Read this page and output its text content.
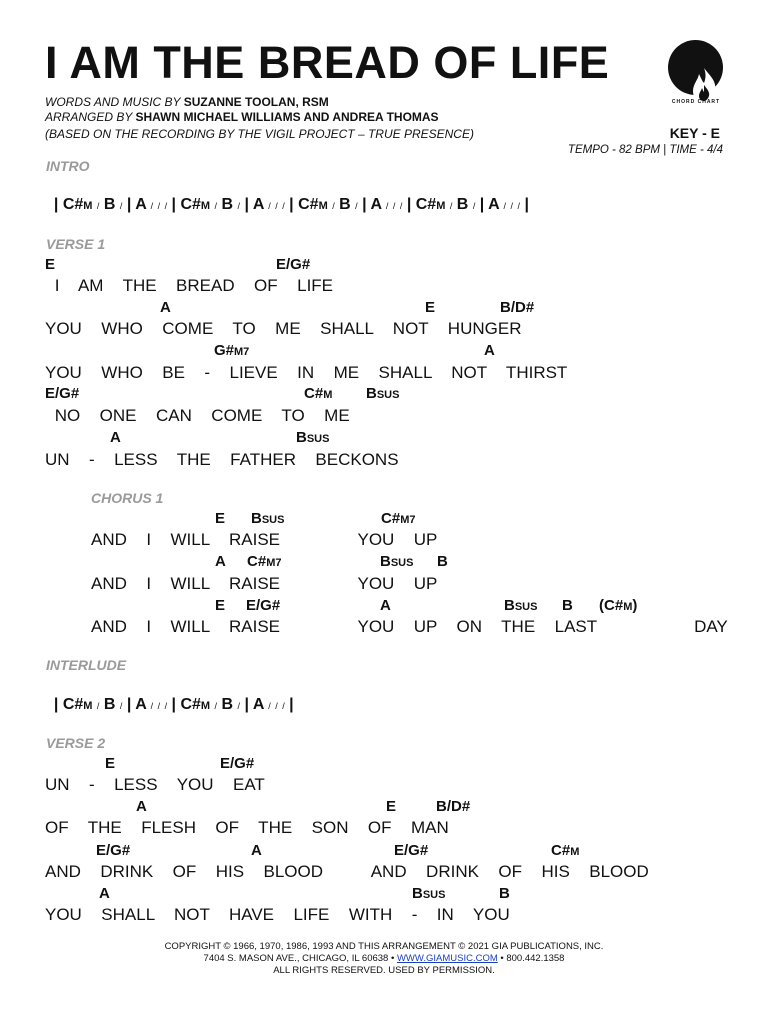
I AM THE BREAD OF LIFE
WORDS AND MUSIC BY SUZANNE TOOLAN, RSM
ARRANGED BY SHAWN MICHAEL WILLIAMS AND ANDREA THOMAS
(BASED ON THE RECORDING BY THE VIGIL PROJECT – TRUE PRESENCE)

CHORD CHART
KEY - E
TEMPO - 82 BPM | TIME - 4/4
INTRO

| C#M / B / | A / / / | C#M / B / | A / / / | C#M / B / | A / / / | C#M / B / | A / / / |

VERSE 1
E	E/G#
I  AM  THE  BREAD  OF  LIFE
A	E	B/D#
YOU  WHO  COME  TO  ME  SHALL  NOT  HUNGER
G#M7	A
YOU  WHO  BE  -  LIEVE  IN  ME  SHALL  NOT  THIRST
E/G#	C#M BSUS
NO  ONE  CAN  COME  TO  ME
A	BSUS
UN  -  LESS  THE  FATHER  BECKONS
CHORUS 1
E BSUS	C#M7
AND  I  WILL  RAISE        YOU  UP
A C#M7	BSUS B
AND  I  WILL  RAISE        YOU  UP
E E/G#	A	BSUS B (C#M)
AND  I  WILL  RAISE        YOU  UP  ON  THE  LAST          DAY
INTERLUDE

| C#M / B / | A / / / | C#M / B / | A / / / |

VERSE 2
E	E/G#
UN  -  LESS  YOU  EAT
A	E	B/D#
OF  THE  FLESH  OF  THE  SON  OF  MAN
E/G#	A	E/G#	C#M
AND  DRINK  OF  HIS  BLOOD     AND  DRINK  OF  HIS  BLOOD
A	BSUS	B
YOU  SHALL  NOT  HAVE  LIFE  WITH  -  IN  YOU
COPYRIGHT © 1966, 1970, 1986, 1993 AND THIS ARRANGEMENT © 2021 GIA PUBLICATIONS, INC.
7404 S. MASON AVE., CHICAGO, IL 60638 • WWW.GIAMUSIC.COM • 800.442.1358
ALL RIGHTS RESERVED. USED BY PERMISSION.
